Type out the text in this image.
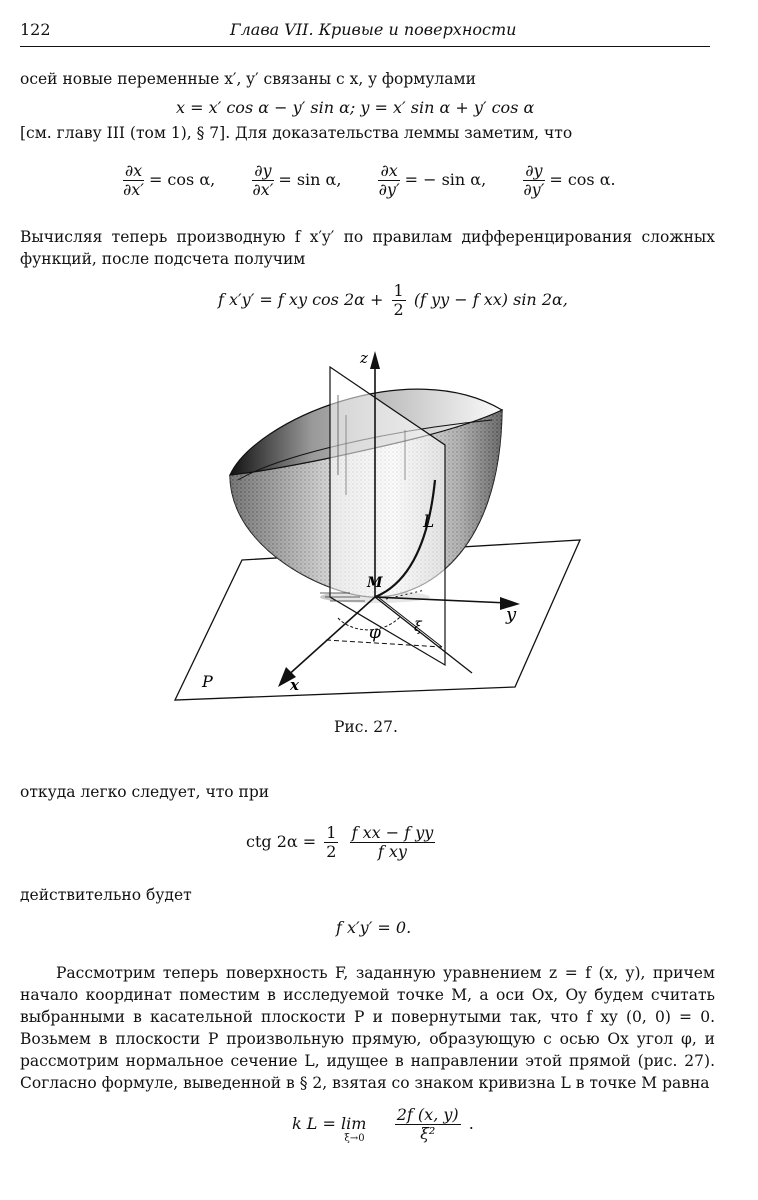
122	Глава VII. Кривые и поверхности
осей новые переменные x′, y′ связаны с x, y формулами
x = x′ cos α − y′ sin α; y = x′ sin α + y′ cos α
[см. главу III (том 1), § 7]. Для доказательства леммы заметим, что
$\frac{\partial x}{\partial x'} = \cos \alpha$, $\frac{\partial y}{\partial x'} = \sin \alpha$, $\frac{\partial x}{\partial y'}$ = − sin α, $\frac{\partial y}{\partial y'} = \cos \alpha$.
Вычисляя теперь производную f x′y′ по правилам дифференцирования сложных функций, после подсчета получим
f x′y′ = f xy $\cos 2\alpha + \frac{1}{2} (f$ yy − f xx) sin 2α,
z
L
M
y
x
P
φ ξ
Рис. 27.
откуда легко следует, что при
ctg $2\alpha = \frac{1}{2}$
$\frac{\text{f xx − f yy}}{\text{f xy}}$
действительно будет
f x′y′ = 0.
Рассмотрим теперь поверхность F, заданную уравнением z = f (x, y), причем начало координат поместим в исследуемой точке M, а оси Ox, Oy будем считать выбранными в касательной плоскости P и повернутыми так, что f xy (0, 0) = 0. Возьмем в плоскости P произвольную прямую, образующую с осью Ox угол φ, и рассмотрим нормальное сечение L, идущее в направлении этой прямой (рис. 27). Согласно формуле, выведенной в § 2, взятая со знаком кривизна L в точке M равна
k $L = \lim_{\xi\to 0} \frac{2f (x, y)}{\text{ξ²}}$ .
